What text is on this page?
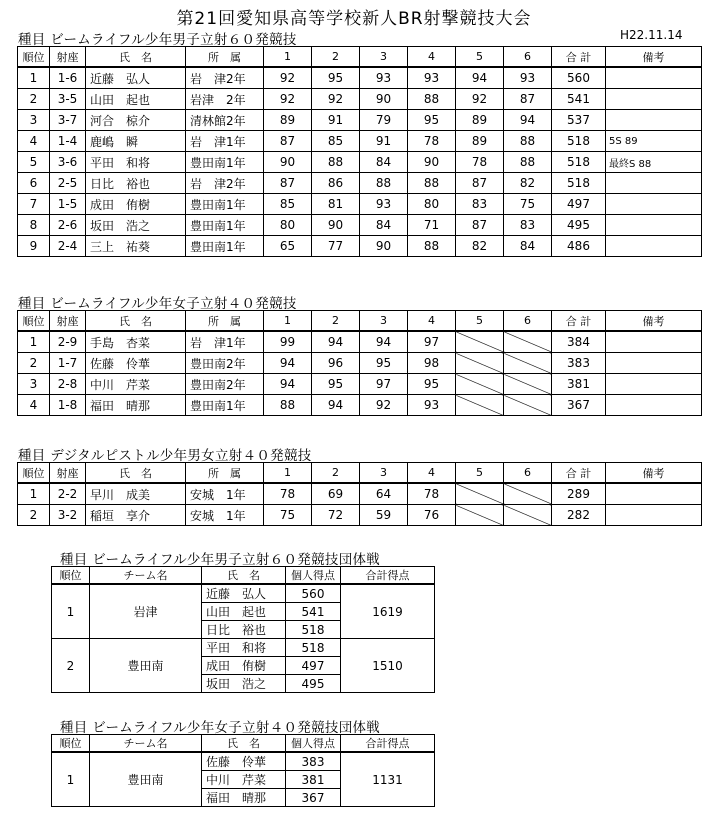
第21回愛知県高等学校新人BR射撃競技大会
H22.11.14
種目 ビームライフル少年男子立射６０発競技
順位	射座	氏　名	所　属	1	2	3	4	5	6	合 計	備考
1	1-6	近藤　弘人	岩　津2年	92	95	93	93	94	93	560	
2	3-5	山田　起也	岩津　2年	92	92	90	88	92	87	541	
3	3-7	河合　椋介	清林館2年	89	91	79	95	89	94	537	
4	1-4	鹿嶋　瞬	岩　津1年	87	85	91	78	89	88	518	5S 89
5	3-6	平田　和将	豊田南1年	90	88	84	90	78	88	518	最終S 88
6	2-5	日比　裕也	岩　津2年	87	86	88	88	87	82	518	
7	1-5	成田　侑樹	豊田南1年	85	81	93	80	83	75	497	
8	2-6	坂田　浩之	豊田南1年	80	90	84	71	87	83	495	
9	2-4	三上　祐葵	豊田南1年	65	77	90	88	82	84	486	
種目 ビームライフル少年女子立射４０発競技
順位	射座	氏　名	所　属	1	2	3	4	5	6	合 計	備考
1	2-9	手島　杏菜	岩　津1年	99	94	94	97			384	
2	1-7	佐藤　伶華	豊田南2年	94	96	95	98			383	
3	2-8	中川　芹菜	豊田南2年	94	95	97	95			381	
4	1-8	福田　晴那	豊田南1年	88	94	92	93			367	
種目 デジタルピストル少年男女立射４０発競技
順位	射座	氏　名	所　属	1	2	3	4	5	6	合 計	備考
1	2-2	早川　成美	安城　1年	78	69	64	78			289	
2	3-2	稲垣　享介	安城　1年	75	72	59	76			282	
種目 ビームライフル少年男子立射６０発競技団体戦
順位	チーム名	氏　名	個人得点	合計得点
1	岩津	近藤　弘人	560	1619
		山田　起也	541	
		日比　裕也	518	
2	豊田南	平田　和将	518	1510
		成田　侑樹	497	
		坂田　浩之	495	
種目 ビームライフル少年女子立射４０発競技団体戦
順位	チーム名	氏　名	個人得点	合計得点
1	豊田南	佐藤　伶華	383	1131
		中川　芹菜	381	
		福田　晴那	367	
